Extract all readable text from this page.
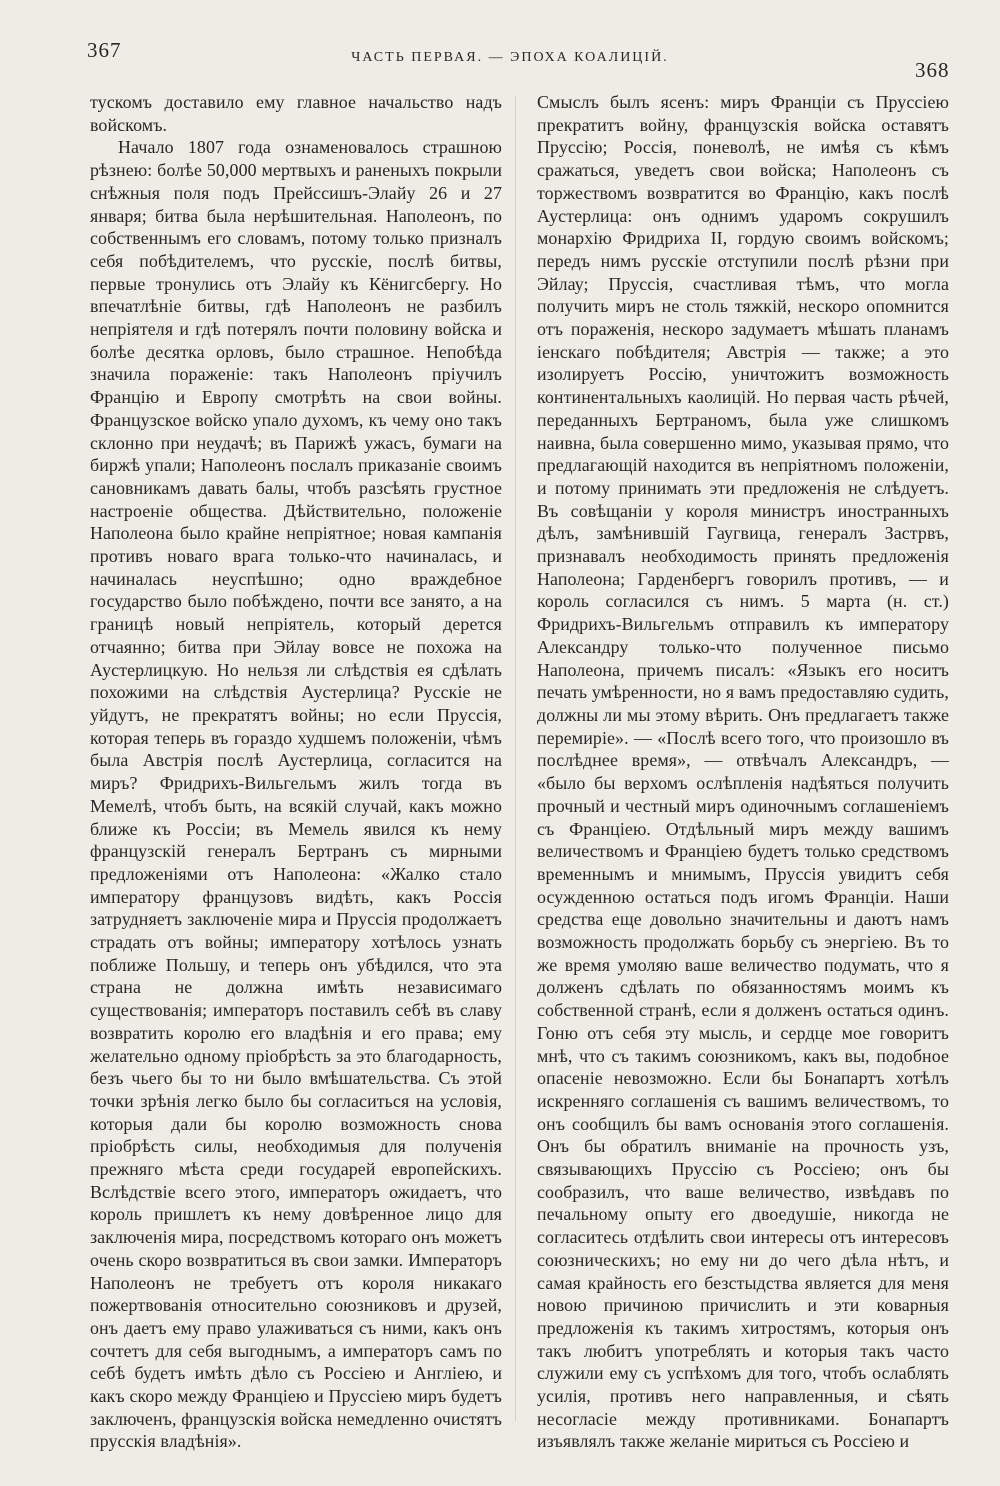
367	ЧАСТЬ ПЕРВАЯ. — ЭПОХА КОАЛИЦІЙ.
368

тускомъ доставило ему главное начальство надъ войскомъ.

Начало 1807 года ознаменовалось страшною рѣзнею: болѣе 50,000 мертвыхъ и раненыхъ покрыли снѣжныя поля подъ Прейссишъ-Элайу 26 и 27 января; битва была нерѣшительная. Наполеонъ, по собственнымъ его словамъ, потому только призналъ себя побѣдителемъ, что русскіе, послѣ битвы, первые тронулись отъ Элайу къ Кёнигсбергу. Но впечатлѣніе битвы, гдѣ Наполеонъ не разбилъ непріятеля и гдѣ потерялъ почти половину войска и болѣе десятка орловъ, было страшное. Непобѣда значила пораженіе: такъ Наполеонъ пріучилъ Францію и Европу смотрѣть на свои войны. Французское войско упало духомъ, къ чему оно такъ склонно при неудачѣ; въ Парижѣ ужасъ, бумаги на биржѣ упали; Наполеонъ послалъ приказаніе своимъ сановникамъ давать балы, чтобъ разсѣять грустное настроеніе общества. Дѣйствительно, положеніе Наполеона было крайне непріятное; новая кампанія противъ новаго врага только-что начиналась, и начиналась неуспѣшно; одно враждебное государство было побѣждено, почти все занято, а на границѣ новый непріятель, который дерется отчаянно; битва при Эйлау вовсе не похожа на Аустерлицкую. Но нельзя ли слѣдствія ея сдѣлать похожими на слѣдствія Аустерлица? Русскіе не уйдутъ, не прекратятъ войны; но если Пруссія, которая теперь въ гораздо худшемъ положеніи, чѣмъ была Австрія послѣ Аустерлица, согласится на миръ? Фридрихъ-Вильгельмъ жилъ тогда въ Мемелѣ, чтобъ быть, на всякій случай, какъ можно ближе къ Россіи; въ Мемель явился къ нему французскій генералъ Бертранъ съ мирными предложеніями отъ Наполеона: «Жалко стало императору французовъ видѣть, какъ Россія затрудняетъ заключеніе мира и Пруссія продолжаетъ страдать отъ войны; императору хотѣлось узнать поближе Польшу, и теперь онъ убѣдился, что эта страна не должна имѣть независимаго существованія; императоръ поставилъ себѣ въ славу возвратить королю его владѣнія и его права; ему желательно одному пріобрѣсть за это благодарность, безъ чьего бы то ни было вмѣшательства. Съ этой точки зрѣнія легко было бы согласиться на условія, которыя дали бы королю возможность снова пріобрѣсть силы, необходимыя для полученія прежняго мѣста среди государей европейскихъ. Вслѣдствіе всего этого, императоръ ожидаетъ, что король пришлетъ къ нему довѣренное лицо для заключенія мира, посредствомъ котораго онъ можетъ очень скоро возвратиться въ свои замки. Императоръ Наполеонъ не требуетъ отъ короля никакаго пожертвованія относительно союзниковъ и друзей, онъ даетъ ему право улаживаться съ ними, какъ онъ сочтетъ для себя выгоднымъ, а императоръ самъ по себѣ будетъ имѣть дѣло съ Россіею и Англіею, и какъ скоро между Франціею и Пруссіею миръ будетъ заключенъ, французскія войска немедленно очистятъ прусскія владѣнія».

Смыслъ былъ ясенъ: миръ Франціи съ Пруссіею прекратитъ войну, французскія войска оставятъ Пруссію; Россія, поневолѣ, не имѣя съ кѣмъ сражаться, уведетъ свои войска; Наполеонъ съ торжествомъ возвратится во Францію, какъ послѣ Аустерлица: онъ однимъ ударомъ сокрушилъ монархію Фридриха II, гордую своимъ войскомъ; передъ нимъ русскіе отступили послѣ рѣзни при Эйлау; Пруссія, счастливая тѣмъ, что могла получить миръ не столь тяжкій, нескоро опомнится отъ пораженія, нескоро задумаетъ мѣшать планамъ іенскаго побѣдителя; Австрія — также; а это изолируетъ Россію, уничтожитъ возможность континентальныхъ каолицій. Но первая часть рѣчей, переданныхъ Бертраномъ, была уже слишкомъ наивна, была совершенно мимо, указывая прямо, что предлагающій находится въ непріятномъ положеніи, и потому принимать эти предложенія не слѣдуетъ. Въ совѣщаніи у короля министръ иностранныхъ дѣлъ, замѣнившій Гаугвица, генералъ Застрвъ, признавалъ необходимость принять предложенія Наполеона; Гарденбергъ говорилъ противъ, — и король согласился съ нимъ. 5 марта (н. ст.) Фридрихъ-Вильгельмъ отправилъ къ императору Александру только-что полученное письмо Наполеона, причемъ писалъ: «Языкъ его носитъ печать умѣренности, но я вамъ предоставляю судить, должны ли мы этому вѣрить. Онъ предлагаетъ также перемиріе». — «Послѣ всего того, что произошло въ послѣднее время», — отвѣчалъ Александръ, — «было бы верхомъ ослѣпленія надѣяться получить прочный и честный миръ одиночнымъ соглашеніемъ съ Франціею. Отдѣльный миръ между вашимъ величествомъ и Франціею будетъ только средствомъ временнымъ и мнимымъ, Пруссія увидитъ себя осужденною остаться подъ игомъ Франціи. Наши средства еще довольно значительны и даютъ намъ возможность продолжать борьбу съ энергіею. Въ то же время умоляю ваше величество подумать, что я долженъ сдѣлать по обязанностямъ моимъ къ собственной странѣ, если я долженъ остаться одинъ. Гоню отъ себя эту мысль, и сердце мое говоритъ мнѣ, что съ такимъ союзникомъ, какъ вы, подобное опасеніе невозможно. Если бы Бонапартъ хотѣлъ искренняго соглашенія съ вашимъ величествомъ, то онъ сообщилъ бы вамъ основанія этого соглашенія. Онъ бы обратилъ вниманіе на прочность узъ, связывающихъ Пруссію съ Россіею; онъ бы сообразилъ, что ваше величество, извѣдавъ по печальному опыту его двоедушіе, никогда не согласитесь отдѣлить свои интересы отъ интересовъ союзническихъ; но ему ни до чего дѣла нѣтъ, и самая крайность его безстыдства является для меня новою причиною причислить и эти коварныя предложенія къ такимъ хитростямъ, которыя онъ такъ любитъ употреблять и которыя такъ часто служили ему съ успѣхомъ для того, чтобъ ослаблять усилія, противъ него направленныя, и сѣять несогласіе между противниками. Бонапартъ изъявлялъ также желаніе мириться съ Россіею и
